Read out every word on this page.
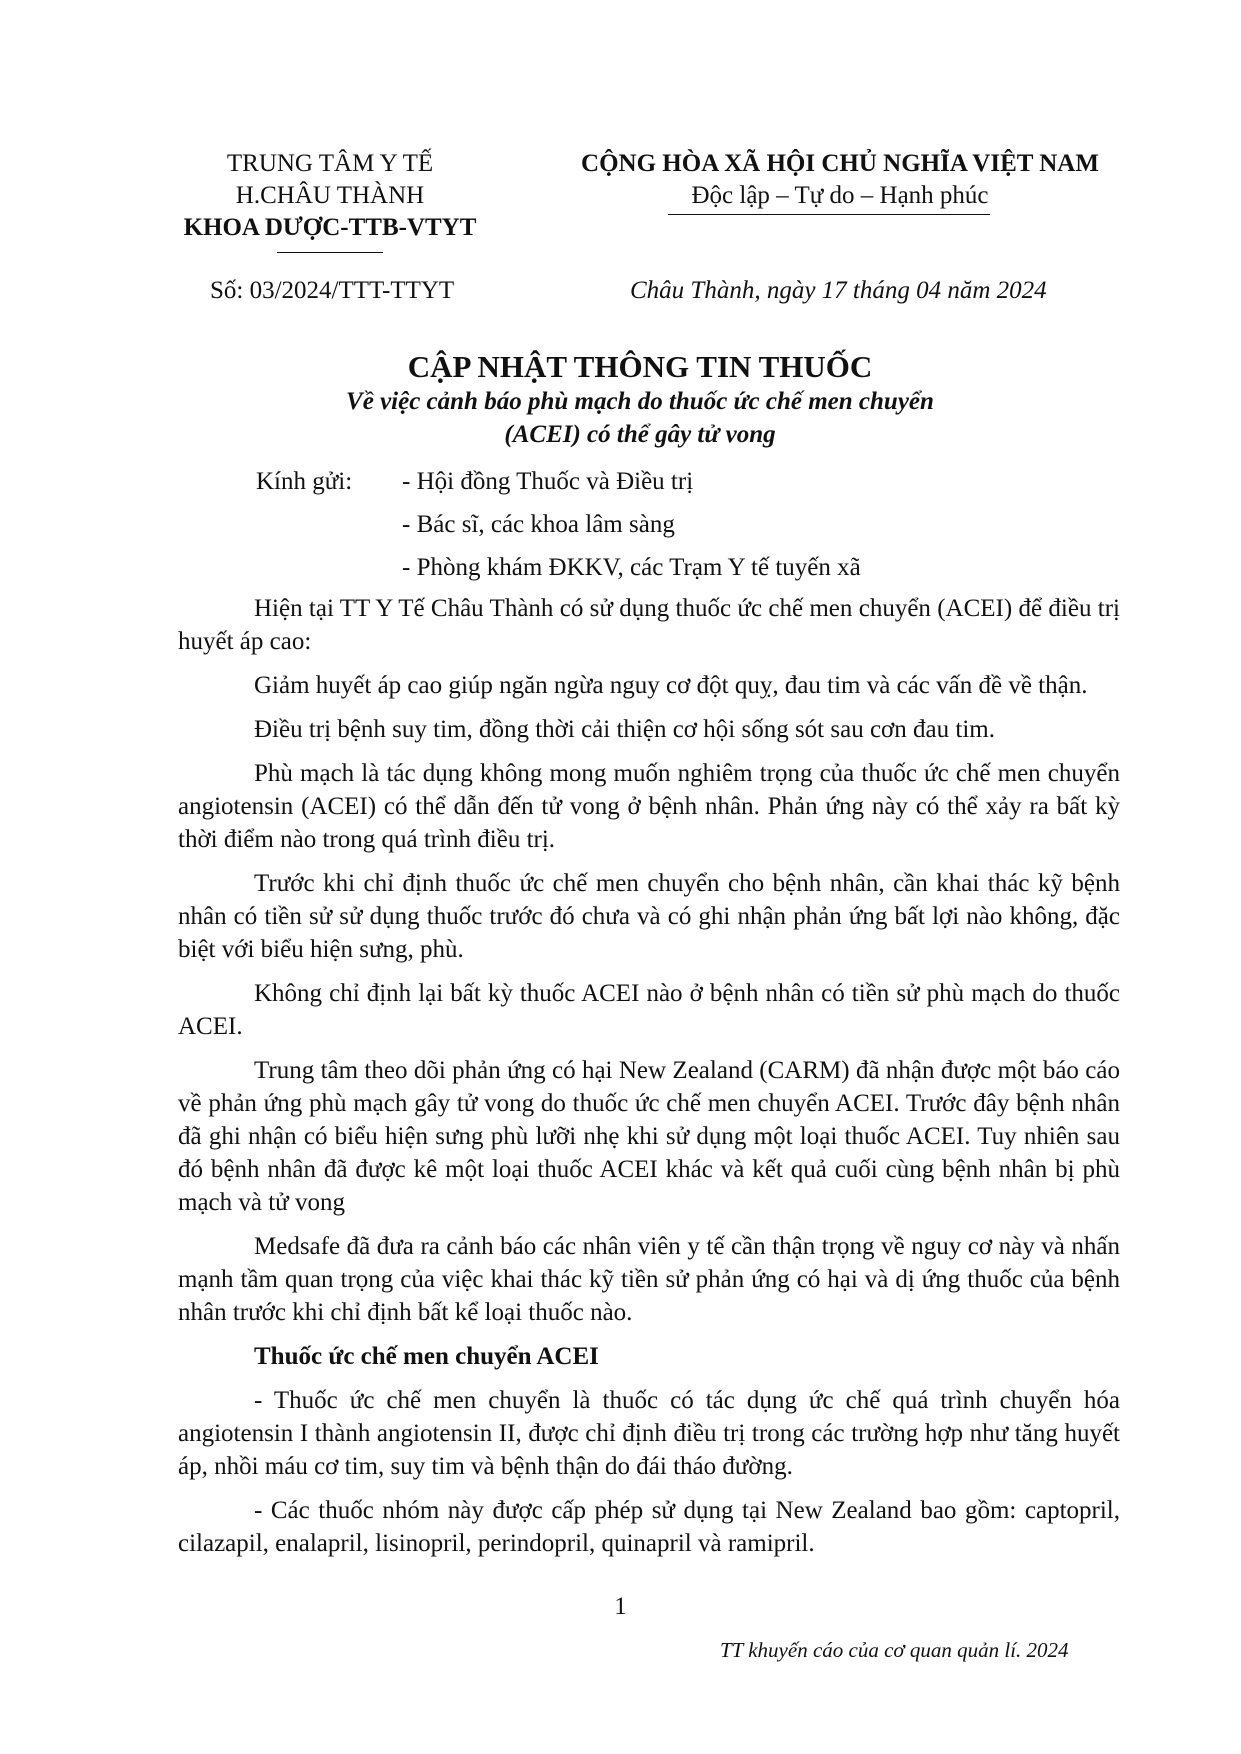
TRUNG TÂM Y TẾ
H.CHÂU THÀNH
KHOA DƯỢC-TTB-VTYT
CỘNG HÒA XÃ HỘI CHỦ NGHĨA VIỆT NAM
Độc lập – Tự do – Hạnh phúc
Số: 03/2024/TTT-TTYT	Châu Thành, ngày 17 tháng 04 năm 2024
CẬP NHẬT THÔNG TIN THUỐC
Về việc cảnh báo phù mạch do thuốc ức chế men chuyển
(ACEI) có thể gây tử vong
Kính gửi: - Hội đồng Thuốc và Điều trị
- Bác sĩ, các khoa lâm sàng
- Phòng khám ĐKKV, các Trạm Y tế tuyến xã

Hiện tại TT Y Tế Châu Thành có sử dụng thuốc ức chế men chuyển (ACEI) để điều trị huyết áp cao:

Giảm huyết áp cao giúp ngăn ngừa nguy cơ đột quỵ, đau tim và các vấn đề về thận.

Điều trị bệnh suy tim, đồng thời cải thiện cơ hội sống sót sau cơn đau tim.

Phù mạch là tác dụng không mong muốn nghiêm trọng của thuốc ức chế men chuyển angiotensin (ACEI) có thể dẫn đến tử vong ở bệnh nhân. Phản ứng này có thể xảy ra bất kỳ thời điểm nào trong quá trình điều trị.

Trước khi chỉ định thuốc ức chế men chuyển cho bệnh nhân, cần khai thác kỹ bệnh nhân có tiền sử sử dụng thuốc trước đó chưa và có ghi nhận phản ứng bất lợi nào không, đặc biệt với biểu hiện sưng, phù.

Không chỉ định lại bất kỳ thuốc ACEI nào ở bệnh nhân có tiền sử phù mạch do thuốc ACEI.

Trung tâm theo dõi phản ứng có hại New Zealand (CARM) đã nhận được một báo cáo về phản ứng phù mạch gây tử vong do thuốc ức chế men chuyển ACEI. Trước đây bệnh nhân đã ghi nhận có biểu hiện sưng phù lưỡi nhẹ khi sử dụng một loại thuốc ACEI. Tuy nhiên sau đó bệnh nhân đã được kê một loại thuốc ACEI khác và kết quả cuối cùng bệnh nhân bị phù mạch và tử vong

Medsafe đã đưa ra cảnh báo các nhân viên y tế cần thận trọng về nguy cơ này và nhấn mạnh tầm quan trọng của việc khai thác kỹ tiền sử phản ứng có hại và dị ứng thuốc của bệnh nhân trước khi chỉ định bất kể loại thuốc nào.

Thuốc ức chế men chuyển ACEI

- Thuốc ức chế men chuyển là thuốc có tác dụng ức chế quá trình chuyển hóa angiotensin I thành angiotensin II, được chỉ định điều trị trong các trường hợp như tăng huyết áp, nhồi máu cơ tim, suy tim và bệnh thận do đái tháo đường.

- Các thuốc nhóm này được cấp phép sử dụng tại New Zealand bao gồm: captopril, cilazapil, enalapril, lisinopril, perindopril, quinapril và ramipril.

1
TT khuyến cáo của cơ quan quản lí. 2024
